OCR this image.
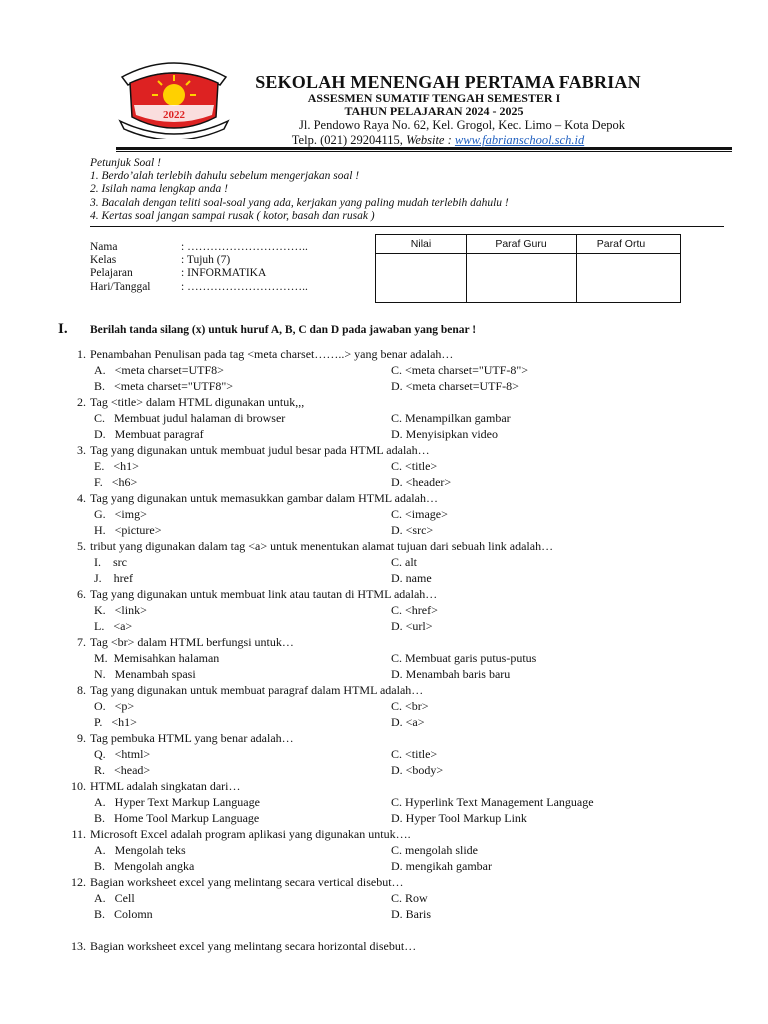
2022
SEKOLAH MENENGAH PERTAMA FABRIAN
ASSESMEN SUMATIF TENGAH SEMESTER I
TAHUN PELAJARAN 2024 - 2025
Jl. Pendowo Raya No. 62, Kel. Grogol, Kec. Limo – Kota Depok
Telp. (021) 29204115, Website : www.fabrianschool.sch.id
Petunjuk Soal !
1. Berdo’alah terlebih dahulu sebelum mengerjakan soal !
2. Isilah nama lengkap anda !
3. Bacalah dengan teliti soal-soal yang ada, kerjakan yang paling mudah terlebih dahulu !
4. Kertas soal jangan sampai rusak ( kotor, basah dan rusak )
Nama	: …………………………..
Kelas	: Tujuh (7)
Pelajaran	: INFORMATIKA
Hari/Tanggal	: …………………………..
Nilai	Paraf Guru	Paraf Ortu
I. Berilah tanda silang (x) untuk huruf A, B, C dan D pada jawaban yang benar !
1. Penambahan Penulisan pada tag <meta charset……..> yang benar adalah…
A.   <meta charset=UTF8>	C. <meta charset="UTF-8">
B.   <meta charset="UTF8">	D. <meta charset=UTF-8>
2. Tag <title> dalam HTML digunakan untuk,,,
C.   Membuat judul halaman di browser	C. Menampilkan gambar
D.   Membuat paragraf	D. Menyisipkan video
3. Tag yang digunakan untuk membuat judul besar pada HTML adalah…
E.   <h1>	C. <title>
F.   <h6>	D. <header>
4. Tag yang digunakan untuk memasukkan gambar dalam HTML adalah…
G.   <img>	C. <image>
H.   <picture>	D. <src>
5. tribut yang digunakan dalam tag <a> untuk menentukan alamat tujuan dari sebuah link adalah…
I.    src	C. alt
J.    href	D. name
6. Tag yang digunakan untuk membuat link atau tautan di HTML adalah…
K.   <link>	C. <href>
L.   <a>	D. <url>
7. Tag <br> dalam HTML berfungsi untuk…
M.  Memisahkan halaman	C. Membuat garis putus-putus
N.   Menambah spasi	D. Menambah baris baru
8. Tag yang digunakan untuk membuat paragraf dalam HTML adalah…
O.   <p>	C. <br>
P.   <h1>	D. <a>
9. Tag pembuka HTML yang benar adalah…
Q.   <html>	C. <title>
R.   <head>	D. <body>
10. HTML adalah singkatan dari…
A.   Hyper Text Markup Language	C. Hyperlink Text Management Language
B.   Home Tool Markup Language	D. Hyper Tool Markup Link
11. Microsoft Excel adalah program aplikasi yang digunakan untuk….
A.   Mengolah teks	C. mengolah slide
B.   Mengolah angka	D. mengikah gambar
12. Bagian worksheet excel yang melintang secara vertical disebut…
A.   Cell	C. Row
B.   Colomn	D. Baris
13. Bagian worksheet excel yang melintang secara horizontal disebut…
